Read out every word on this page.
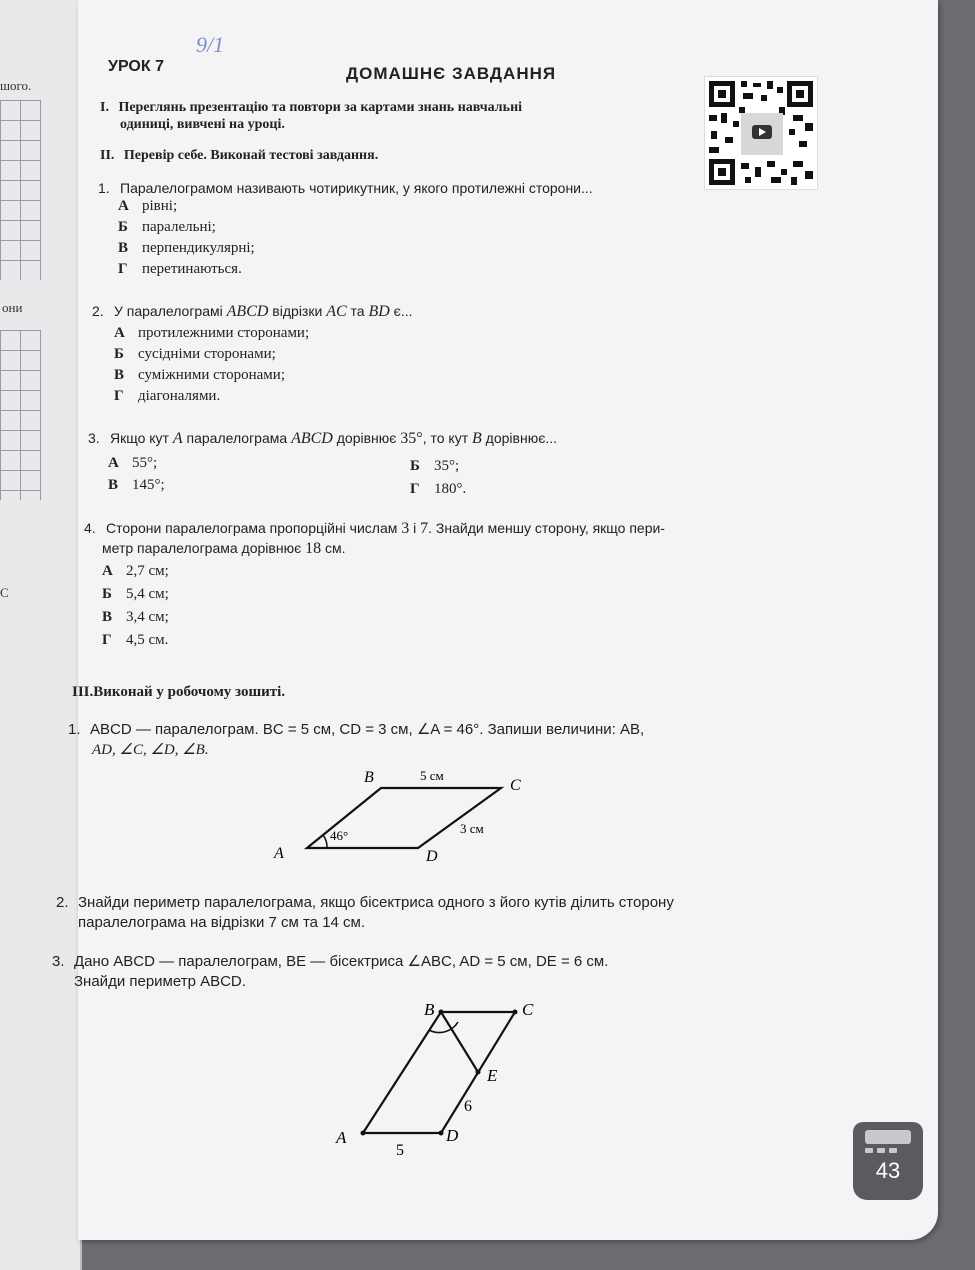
шого.
они
С
УРОК 7
9/1
ДОМАШНЄ ЗАВДАННЯ
I. Переглянь презентацію та повтори за картами знань навчальні
одиниці, вивчені на уроці.
II. Перевір себе. Виконай тестові завдання.
1. Паралелограмом називають чотирикутник, у якого протилежні сторони...
А рівні;
Б паралельні;
В перпендикулярні;
Г перетинаються.
2. У паралелограмі ABCD відрізки AC та BD є...
А протилежними сторонами;
Б сусідніми сторонами;
В суміжними сторонами;
Г діагоналями.
3. Якщо кут A паралелограма ABCD дорівнює 35°, то кут B дорівнює...
А 55°;	Б 35°;
В 145°;	Г 180°.
4. Сторони паралелограма пропорційні числам 3 і 7. Знайди меншу сторону, якщо пери-
метр паралелограма дорівнює 18 см.
А 2,7 см;
Б 5,4 см;
В 3,4 см;
Г 4,5 см.
III.Виконай у робочому зошиті.
1. ABCD — паралелограм. BC = 5 см, CD = 3 см, ∠A = 46°. Запиши величини: AB,
AD, ∠C, ∠D, ∠B.
B	C
A	D
5 см
3 см
46°
2. Знайди периметр паралелограма, якщо бісектриса одного з його кутів ділить сторону
паралелограма на відрізки 7 см та 14 см.
3. Дано ABCD — паралелограм, BE — бісектриса ∠ABC, AD = 5 см, DE = 6 см.
Знайди периметр ABCD.
B	C
A	D
E
5
6
43
